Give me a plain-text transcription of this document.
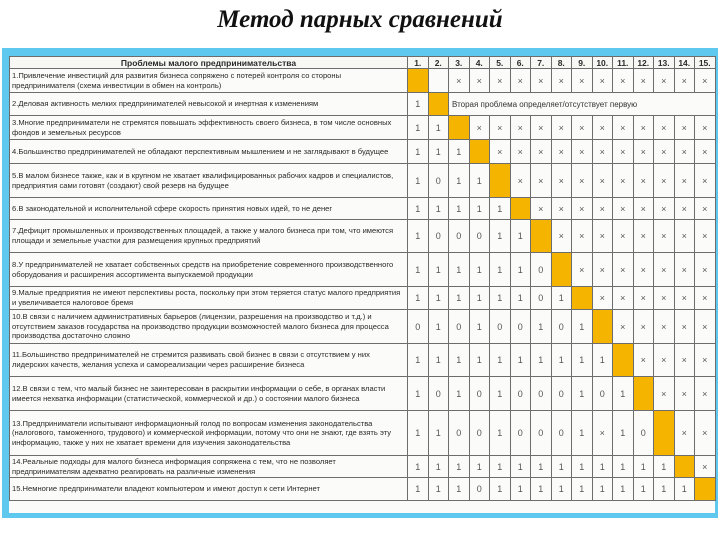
Метод парных сравнений
Проблемы малого предпринимательства	1.	2.	3.	4.	5.	6.	7.	8.	9.	10.	11.	12.	13.	14.	15.
1.Привлечение инвестиций для развития бизнеса сопряжено с потерей контроля со стороны предпринимателя (схема инвестиции в обмен на контроль)			×	×	×	×	×	×	×	×	×	×	×	×	×
2.Деловая активность мелких предпринимателей невысокой и инертная к изменениям	1		Вторая проблема определяет/отсутствует первую												
3.Многие предприниматели не стремятся повышать эффективность своего бизнеса, в том числе основных фондов и земельных ресурсов	1	1		×	×	×	×	×	×	×	×	×	×	×	×
4.Большинство предпринимателей не обладают перспективным мышлением и не заглядывают в будущее	1	1	1		×	×	×	×	×	×	×	×	×	×	×
5.В малом бизнесе также, как и в крупном не хватает квалифицированных рабочих кадров и специалистов, предприятия сами готовят (создают) свой резерв на будущее	1	0	1	1		×	×	×	×	×	×	×	×	×	×
6.В законодательной и исполнительной сфере скорость принятия новых идей, то не денег	1	1	1	1	1		×	×	×	×	×	×	×	×	×
7.Дефицит промышленных и производственных площадей, а также у малого бизнеса при том, что имеются площади и земельные участки для размещения крупных предприятий	1	0	0	0	1	1		×	×	×	×	×	×	×	×
8.У предпринимателей не хватает собственных средств на приобретение современного производственного оборудования и расширения ассортимента выпускаемой продукции	1	1	1	1	1	1	0		×	×	×	×	×	×	×
9.Малые предприятия не имеют перспективы роста, поскольку при этом теряется статус малого предприятия и увеличивается налоговое бремя	1	1	1	1	1	1	0	1		×	×	×	×	×	×
10.В связи с наличием административных барьеров (лицензии, разрешения на производство и т.д.) и отсутствием заказов государства на производство продукции возможностей малого бизнеса для процесса производства достаточно сложно	0	1	0	1	0	0	1	0	1		×	×	×	×	×
11.Большинство предпринимателей не стремится развивать свой бизнес в связи с отсутствием у них лидерских качеств, желания успеха и самореализации через расширение бизнеса	1	1	1	1	1	1	1	1	1	1		×	×	×	×
12.В связи с тем, что малый бизнес не заинтересован в раскрытии информации о себе, в органах власти имеется нехватка информации (статистической, коммерческой и др.) о состоянии малого бизнеса	1	0	1	0	1	0	0	0	1	0	1		×	×	×
13.Предприниматели испытывают информационный голод по вопросам изменения законодательства (налогового, таможенного, трудового) и коммерческой информации, потому что они не знают, где взять эту информацию, также у них не хватает времени для изучения законодательства	1	1	0	0	1	0	0	0	1	×	1	0		×	×
14.Реальные подходы для малого бизнеса информация сопряжена с тем, что не позволяет предпринимателям адекватно реагировать на различные изменения	1	1	1	1	1	1	1	1	1	1	1	1	1		×
15.Немногие предприниматели владеют компьютером и имеют доступ к сети Интернет	1	1	1	0	1	1	1	1	1	1	1	1	1	1	
